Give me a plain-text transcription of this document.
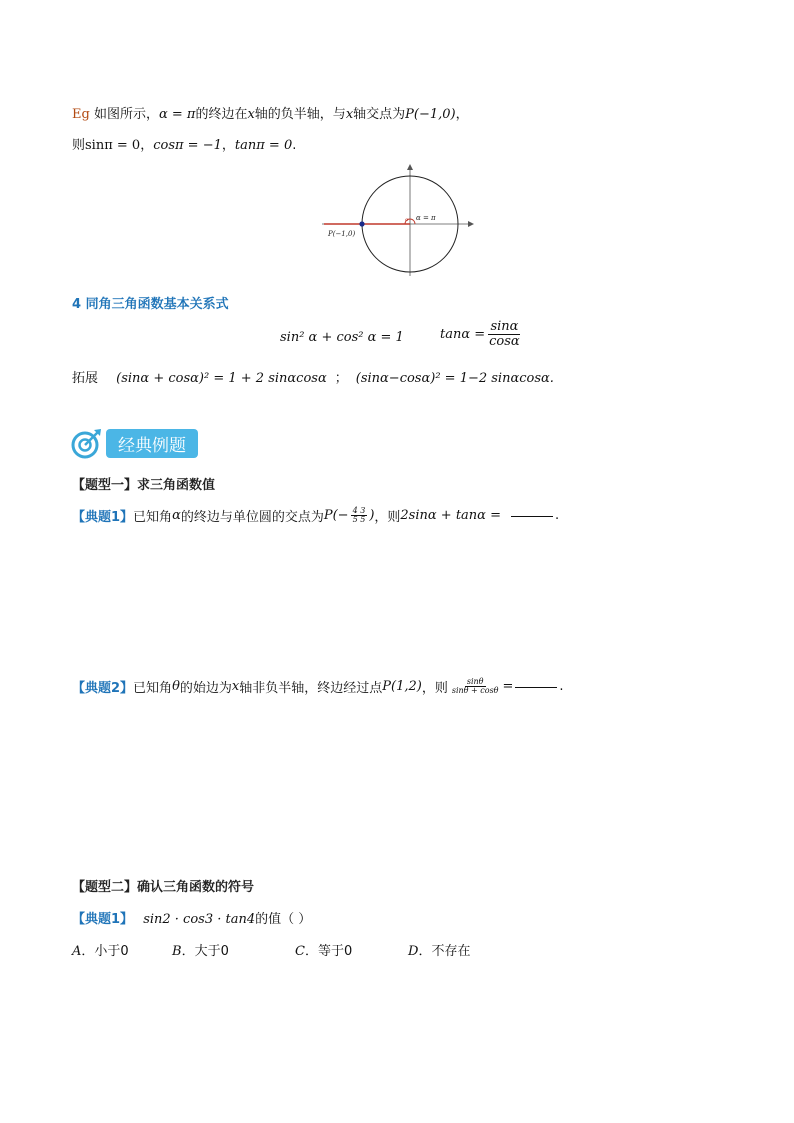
Eg 如图所示，α = π的终边在x轴的负半轴，与x轴交点为P(−1,0)，
则sinπ = 0，cosπ = −1，tanπ = 0.
P(−1,0)
α = π
α
4 同角三角函数基本关系式
sin² α + cos² α = 1	$\tan\alpha = \frac{\sin\alpha}{\cos\alpha}$
拓展 (sinα + cosα)² = 1 + 2 sinαcosα ； (sinα−cosα)² = 1−2 sinαcosα.
经典例题
【题型一】求三角函数值
【典题1】 已知角 α 的终边与单位圆的交点为 $P(- \frac{4 3}{5 5}$ ) ，则 2sinα + tanα =	.
【典题2】 已知角 θ 的始边为 x 轴非负半轴，终边经过点 P(1,2) ，则 $\frac{\sin\theta}{\sin\theta + \cos\theta}$ =	.
【题型二】确认三角函数的符号
【典题1】 sin2 · cos3 · tan4的值（ ）
A．小于0	B．大于0	C．等于0	D．不存在
